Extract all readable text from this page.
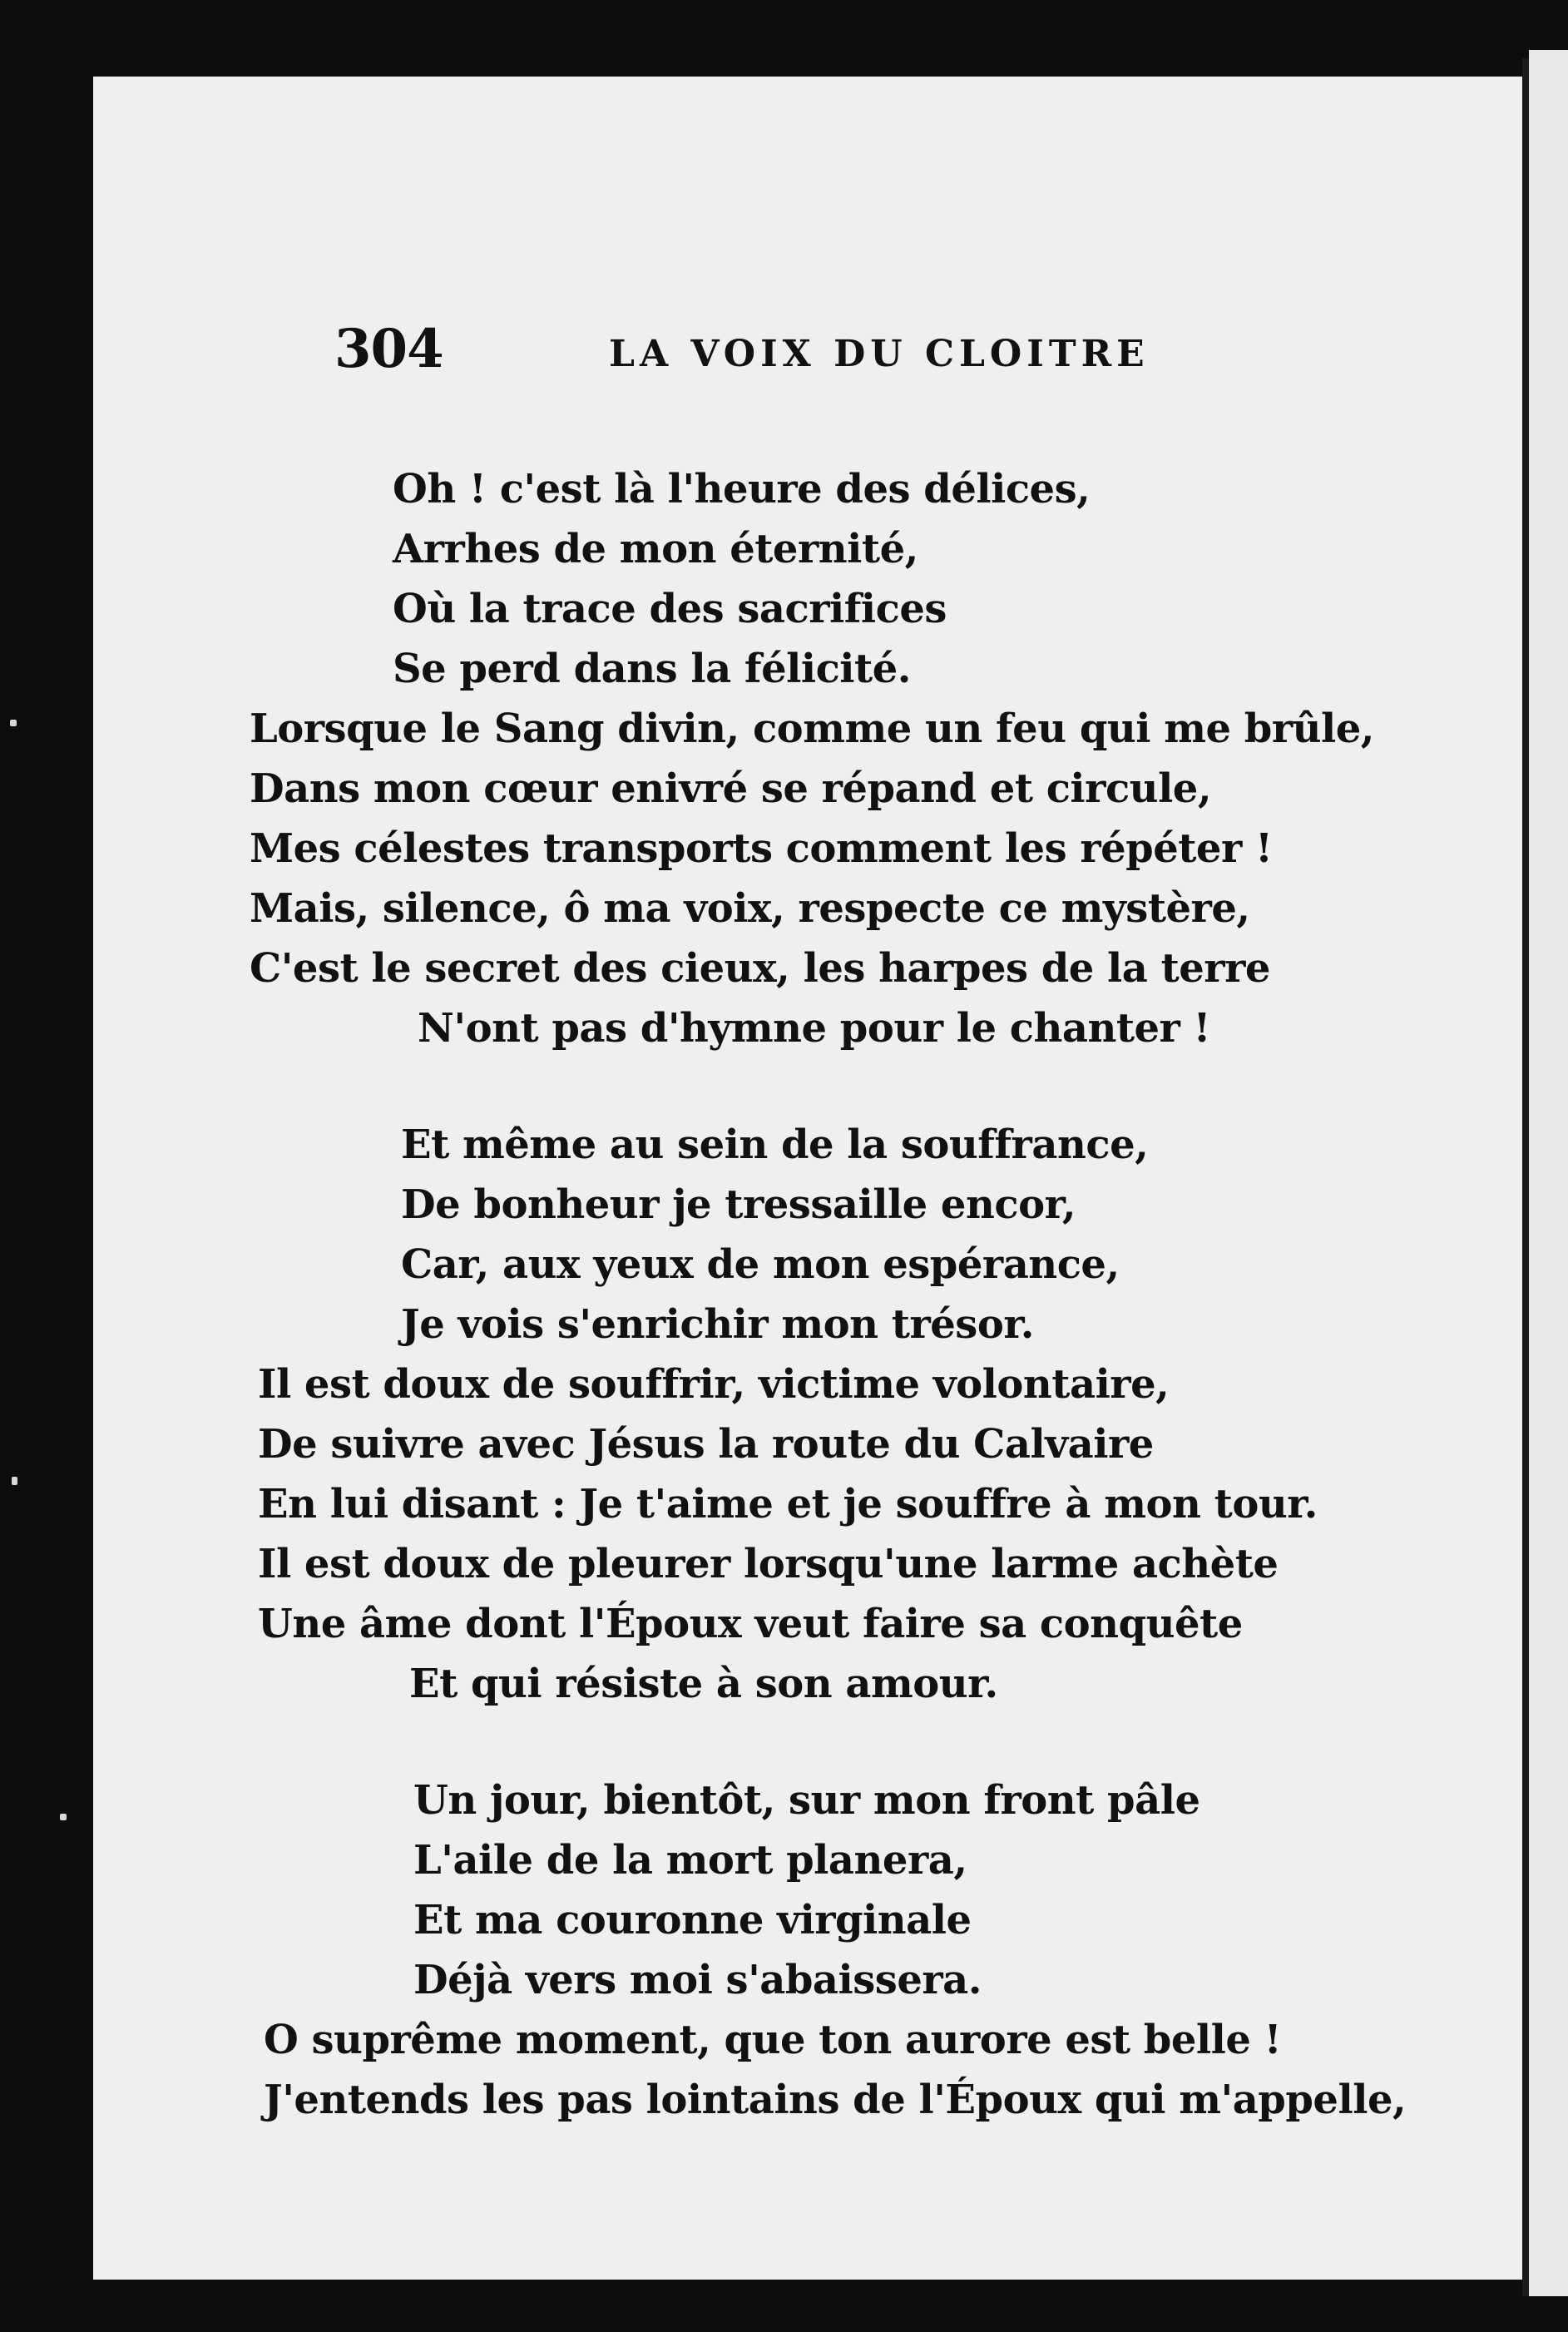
304	LA VOIX DU CLOITRE
Oh ! c'est là l'heure des délices,
Arrhes de mon éternité,
Où la trace des sacrifices
Se perd dans la félicité.
Lorsque le Sang divin, comme un feu qui me brûle,
Dans mon cœur enivré se répand et circule,
Mes célestes transports comment les répéter !
Mais, silence, ô ma voix, respecte ce mystère,
C'est le secret des cieux, les harpes de la terre
N'ont pas d'hymne pour le chanter !
Et même au sein de la souffrance,
De bonheur je tressaille encor,
Car, aux yeux de mon espérance,
Je vois s'enrichir mon trésor.
Il est doux de souffrir, victime volontaire,
De suivre avec Jésus la route du Calvaire
En lui disant : Je t'aime et je souffre à mon tour.
Il est doux de pleurer lorsqu'une larme achète
Une âme dont l'Époux veut faire sa conquête
Et qui résiste à son amour.
Un jour, bientôt, sur mon front pâle
L'aile de la mort planera,
Et ma couronne virginale
Déjà vers moi s'abaissera.
O suprême moment, que ton aurore est belle !
J'entends les pas lointains de l'Époux qui m'appelle,
